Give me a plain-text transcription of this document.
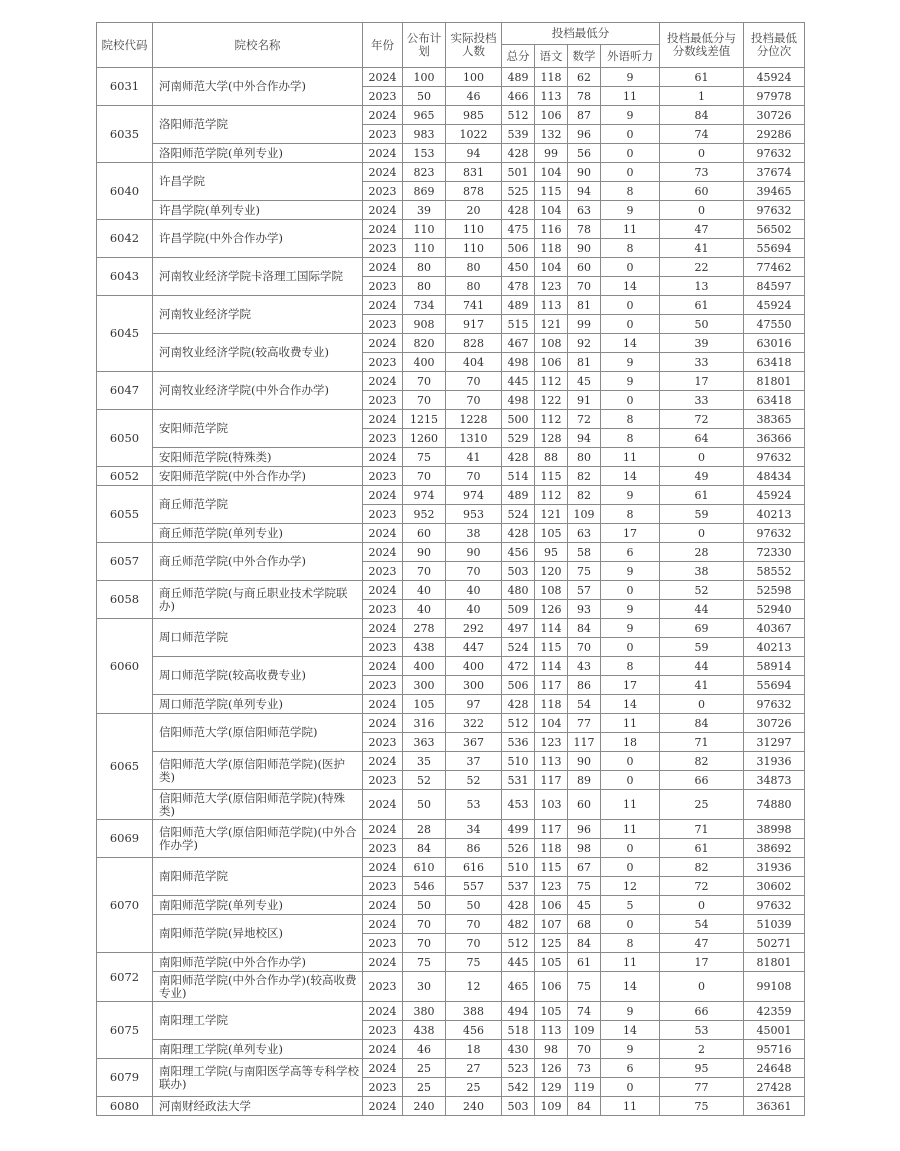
院校代码	院校名称	年份	公布计划	实际投档人数	投档最低分				投档最低分与分数线差值	投档最低分位次
					总分	语文	数学	外语听力		
6031	河南师范大学(中外合作办学)	2024	100	100	489	118	62	9	61	45924
		2023	50	46	466	113	78	11	1	97978
6035	洛阳师范学院	2024	965	985	512	106	87	9	84	30726
		2023	983	1022	539	132	96	0	74	29286
	洛阳师范学院(单列专业)	2024	153	94	428	99	56	0	0	97632
6040	许昌学院	2024	823	831	501	104	90	0	73	37674
		2023	869	878	525	115	94	8	60	39465
	许昌学院(单列专业)	2024	39	20	428	104	63	9	0	97632
6042	许昌学院(中外合作办学)	2024	110	110	475	116	78	11	47	56502
		2023	110	110	506	118	90	8	41	55694
6043	河南牧业经济学院卡洛理工国际学院	2024	80	80	450	104	60	0	22	77462
		2023	80	80	478	123	70	14	13	84597
6045	河南牧业经济学院	2024	734	741	489	113	81	0	61	45924
		2023	908	917	515	121	99	0	50	47550
	河南牧业经济学院(较高收费专业)	2024	820	828	467	108	92	14	39	63016
		2023	400	404	498	106	81	9	33	63418
6047	河南牧业经济学院(中外合作办学)	2024	70	70	445	112	45	9	17	81801
		2023	70	70	498	122	91	0	33	63418
6050	安阳师范学院	2024	1215	1228	500	112	72	8	72	38365
		2023	1260	1310	529	128	94	8	64	36366
	安阳师范学院(特殊类)	2024	75	41	428	88	80	11	0	97632
6052	安阳师范学院(中外合作办学)	2023	70	70	514	115	82	14	49	48434
6055	商丘师范学院	2024	974	974	489	112	82	9	61	45924
		2023	952	953	524	121	109	8	59	40213
	商丘师范学院(单列专业)	2024	60	38	428	105	63	17	0	97632
6057	商丘师范学院(中外合作办学)	2024	90	90	456	95	58	6	28	72330
		2023	70	70	503	120	75	9	38	58552
6058	商丘师范学院(与商丘职业技术学院联办)	2024	40	40	480	108	57	0	52	52598
		2023	40	40	509	126	93	9	44	52940
6060	周口师范学院	2024	278	292	497	114	84	9	69	40367
		2023	438	447	524	115	70	0	59	40213
	周口师范学院(较高收费专业)	2024	400	400	472	114	43	8	44	58914
		2023	300	300	506	117	86	17	41	55694
	周口师范学院(单列专业)	2024	105	97	428	118	54	14	0	97632
6065	信阳师范大学(原信阳师范学院)	2024	316	322	512	104	77	11	84	30726
		2023	363	367	536	123	117	18	71	31297
	信阳师范大学(原信阳师范学院)(医护类)	2024	35	37	510	113	90	0	82	31936
		2023	52	52	531	117	89	0	66	34873
	信阳师范大学(原信阳师范学院)(特殊类)	2024	50	53	453	103	60	11	25	74880
6069	信阳师范大学(原信阳师范学院)(中外合作办学)	2024	28	34	499	117	96	11	71	38998
		2023	84	86	526	118	98	0	61	38692
6070	南阳师范学院	2024	610	616	510	115	67	0	82	31936
		2023	546	557	537	123	75	12	72	30602
	南阳师范学院(单列专业)	2024	50	50	428	106	45	5	0	97632
	南阳师范学院(异地校区)	2024	70	70	482	107	68	0	54	51039
		2023	70	70	512	125	84	8	47	50271
6072	南阳师范学院(中外合作办学)	2024	75	75	445	105	61	11	17	81801
	南阳师范学院(中外合作办学)(较高收费专业)	2023	30	12	465	106	75	14	0	99108
6075	南阳理工学院	2024	380	388	494	105	74	9	66	42359
		2023	438	456	518	113	109	14	53	45001
	南阳理工学院(单列专业)	2024	46	18	430	98	70	9	2	95716
6079	南阳理工学院(与南阳医学高等专科学校联办)	2024	25	27	523	126	73	6	95	24648
		2023	25	25	542	129	119	0	77	27428
6080	河南财经政法大学	2024	240	240	503	109	84	11	75	36361
